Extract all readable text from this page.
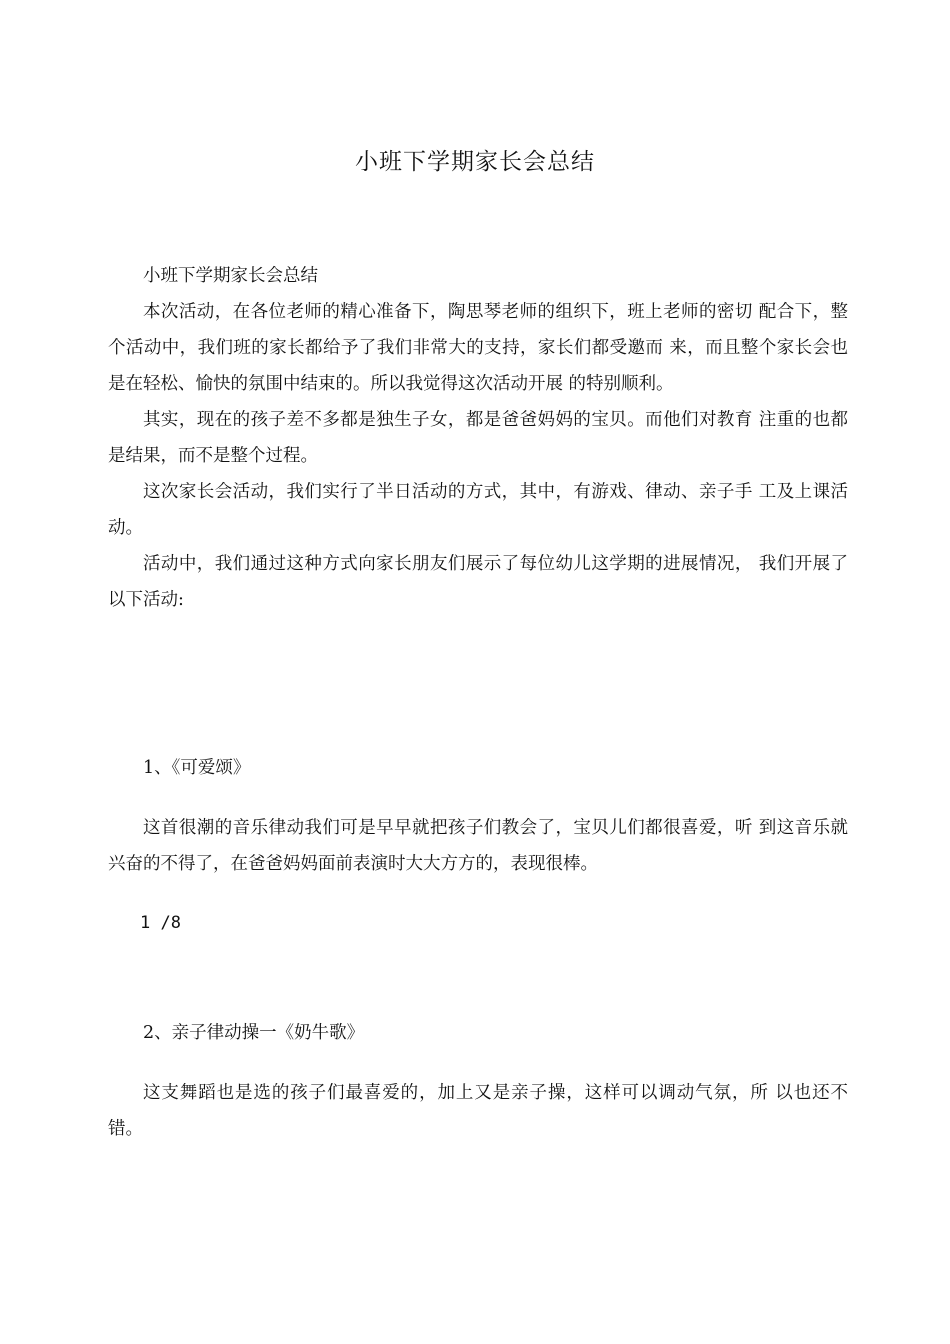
小班下学期家长会总结

小班下学期家长会总结

本次活动，在各位老师的精心准备下，陶思琴老师的组织下，班上老师的密切 配合下，整个活动中，我们班的家长都给予了我们非常大的支持，家长们都受邀而 来，而且整个家长会也是在轻松、愉快的氛围中结束的。所以我觉得这次活动开展 的特别顺利。

其实，现在的孩子差不多都是独生子女，都是爸爸妈妈的宝贝。而他们对教育 注重的也都是结果，而不是整个过程。

这次家长会活动，我们实行了半日活动的方式，其中，有游戏、律动、亲子手 工及上课活动。

活动中，我们通过这种方式向家长朋友们展示了每位幼儿这学期的进展情况， 我们开展了以下活动:

1、《可爱颂》

这首很潮的音乐律动我们可是早早就把孩子们教会了，宝贝儿们都很喜爱，听 到这音乐就兴奋的不得了，在爸爸妈妈面前表演时大大方方的，表现很棒。

1 /8

2、亲子律动操一《奶牛歌》

这支舞蹈也是选的孩子们最喜爱的，加上又是亲子操，这样可以调动气氛，所 以也还不错。
